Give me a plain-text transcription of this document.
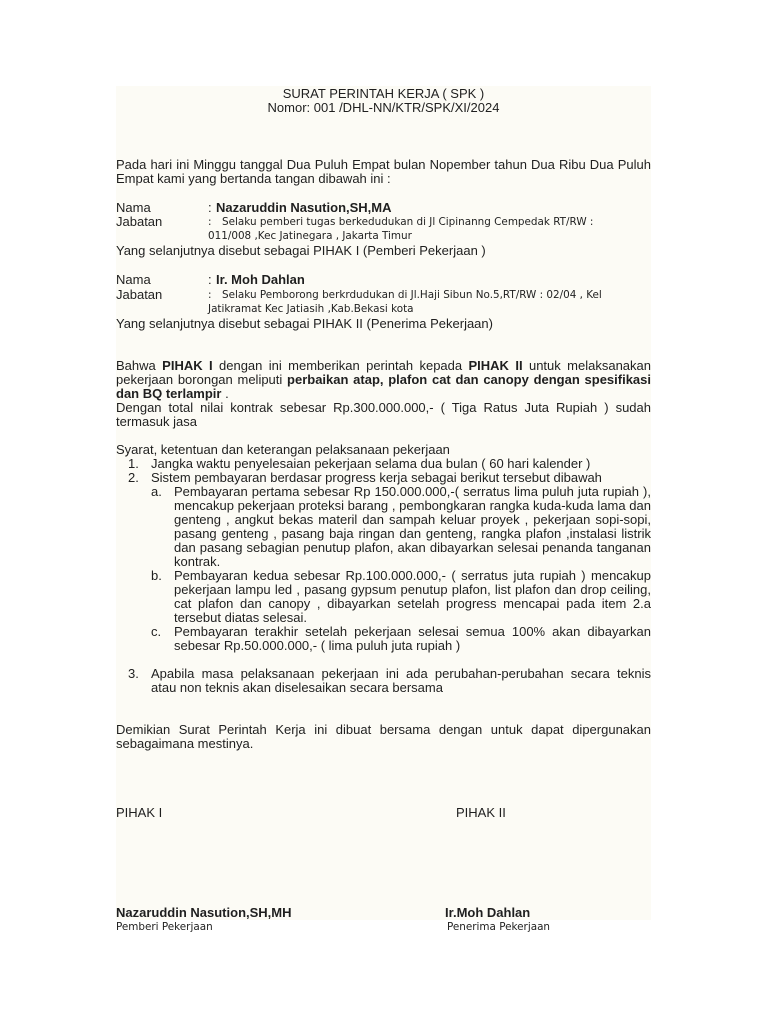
SURAT PERINTAH KERJA ( SPK )
Nomor: 001 /DHL-NN/KTR/SPK/XI/2024
Pada hari ini Minggu tanggal Dua Puluh Empat bulan Nopember tahun Dua Ribu Dua Puluh Empat kami yang bertanda tangan dibawah ini :
Nama	: Nazaruddin Nasution,SH,MA
Jabatan	: Selaku pemberi tugas berkedudukan di Jl Cipinanng Cempedak RT/RW :
011/008 ,Kec Jatinegara , Jakarta Timur
Yang selanjutnya disebut sebagai PIHAK I (Pemberi Pekerjaan )
Nama	: Ir. Moh Dahlan
Jabatan	: Selaku Pemborong berkrdudukan di Jl.Haji Sibun No.5,RT/RW : 02/04 , Kel
Jatikramat Kec Jatiasih ,Kab.Bekasi kota
Yang selanjutnya disebut sebagai PIHAK II (Penerima Pekerjaan)
Bahwa PIHAK I dengan ini memberikan perintah kepada PIHAK II untuk melaksanakan pekerjaan borongan meliputi perbaikan atap, plafon cat dan canopy dengan spesifikasi dan BQ terlampir .
Dengan total nilai kontrak sebesar Rp.300.000.000,- ( Tiga Ratus Juta Rupiah ) sudah termasuk jasa
Syarat, ketentuan dan keterangan pelaksanaan pekerjaan
1. Jangka waktu penyelesaian pekerjaan selama dua bulan ( 60 hari kalender )
2. Sistem pembayaran berdasar progress kerja sebagai berikut tersebut dibawah
a. Pembayaran pertama sebesar Rp 150.000.000,-( serratus lima puluh juta rupiah ), mencakup pekerjaan proteksi barang , pembongkaran rangka kuda-kuda lama dan genteng , angkut bekas materil dan sampah keluar proyek , pekerjaan sopi-sopi, pasang genteng , pasang baja ringan dan genteng, rangka plafon ,instalasi listrik dan pasang sebagian penutup plafon, akan dibayarkan selesai penanda tanganan kontrak.
b. Pembayaran kedua sebesar Rp.100.000.000,- ( serratus juta rupiah ) mencakup pekerjaan lampu led , pasang gypsum penutup plafon, list plafon dan drop ceiling, cat plafon dan canopy , dibayarkan setelah progress mencapai pada item 2.a tersebut diatas selesai.
c. Pembayaran terakhir setelah pekerjaan selesai semua 100% akan dibayarkan sebesar Rp.50.000.000,- ( lima puluh juta rupiah )
3. Apabila masa pelaksanaan pekerjaan ini ada perubahan-perubahan secara teknis atau non teknis akan diselesaikan secara bersama
Demikian Surat Perintah Kerja ini dibuat bersama dengan untuk dapat dipergunakan sebagaimana mestinya.
PIHAK I	PIHAK II
Nazaruddin Nasution,SH,MH	Ir.Moh Dahlan
Pemberi Pekerjaan	Penerima Pekerjaan
